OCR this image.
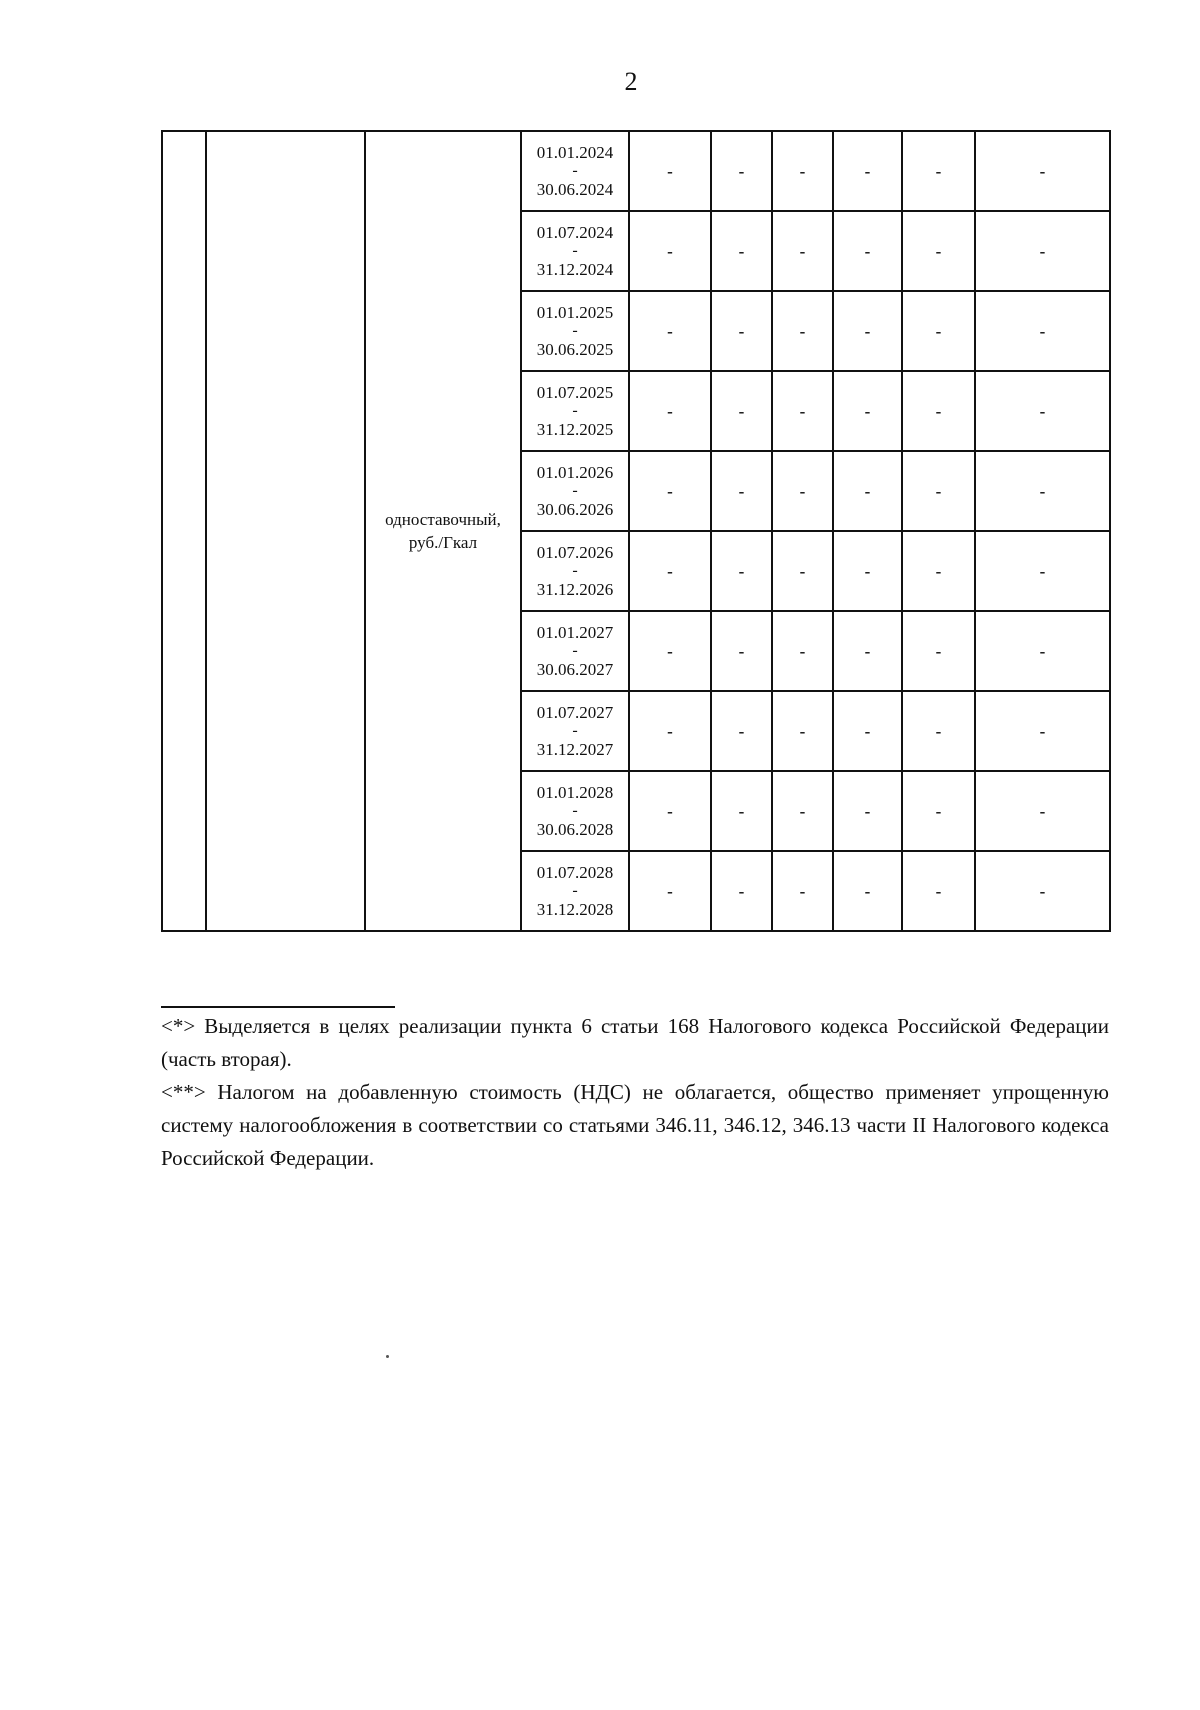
2

		одноставочный,
руб./Гкал	01.01.2024
-
30.06.2024	-	-	-	-	-	-

			01.07.2024
-
31.12.2024	-	-	-	-	-	-

			01.01.2025
-
30.06.2025	-	-	-	-	-	-

			01.07.2025
-
31.12.2025	-	-	-	-	-	-

			01.01.2026
-
30.06.2026	-	-	-	-	-	-

			01.07.2026
-
31.12.2026	-	-	-	-	-	-

			01.01.2027
-
30.06.2027	-	-	-	-	-	-

			01.07.2027
-
31.12.2027	-	-	-	-	-	-

			01.01.2028
-
30.06.2028	-	-	-	-	-	-

			01.07.2028
-
31.12.2028	-	-	-	-	-	-

<*> Выделяется в целях реализации пункта 6 статьи 168 Налогового кодекса Российской Федерации (часть вторая).

<**> Налогом на добавленную стоимость (НДС) не облагается, общество применяет упрощенную систему налогообложения в соответствии со статьями 346.11, 346.12, 346.13 части II Налогового кодекса Российской Федерации.
